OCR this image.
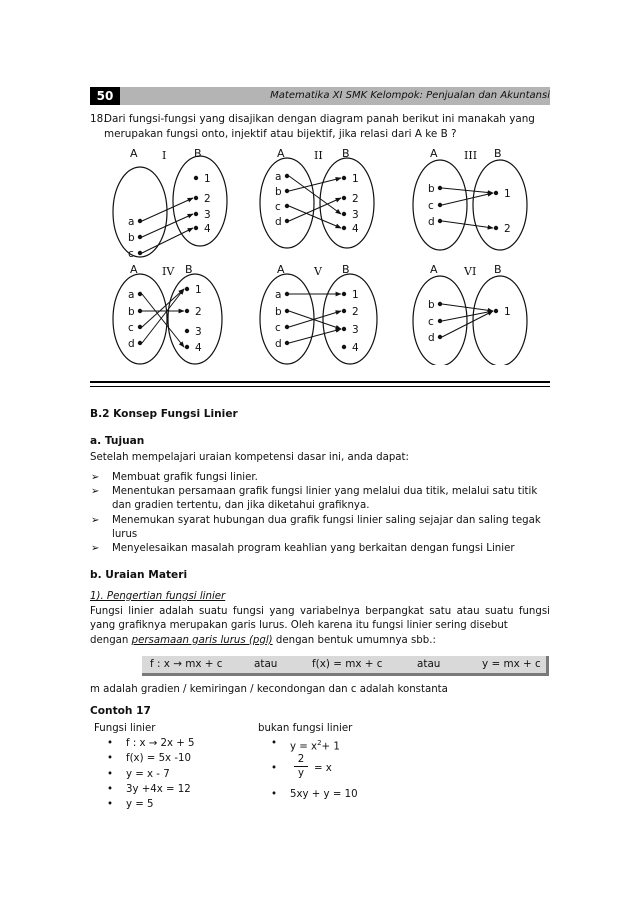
50	Matematika XI SMK Kelompok: Penjualan dan Akuntansi
18.
Dari fungsi-fungsi yang disajikan dengan diagram panah berikut ini manakah yang merupakan fungsi onto, injektif atau bijektif, jika relasi dari A ke B ?
A	B
I
a
b
c
1
2
3
4
A	B
II
a
b
c
d
1
2
3
4
A	B
III
b
c
d
1
2
A	B
IV
a
b
c
d
1
2
3
4
A	B
V
a
b
c
d
1
2
3
4
A	B
VI
b
c
d
1
B.2 Konsep Fungsi Linier
a. Tujuan
Setelah mempelajari uraian kompetensi dasar ini, anda dapat:
➢ Membuat grafik fungsi linier.
➢ Menentukan persamaan grafik fungsi linier yang melalui dua titik, melalui satu titik dan gradien tertentu, dan jika diketahui grafiknya.
➢ Menemukan syarat hubungan dua grafik fungsi linier saling sejajar dan saling tegak lurus
➢ Menyelesaikan masalah program keahlian yang berkaitan dengan fungsi Linier
b. Uraian Materi
1). Pengertian fungsi linier
Fungsi linier adalah suatu fungsi yang variabelnya berpangkat satu atau suatu fungsi yang grafiknya merupakan garis lurus. Oleh karena itu fungsi linier sering disebut
dengan persamaan garis lurus (pgl) dengan bentuk umumnya sbb.:
f : x → mx + c	atau	f(x) = mx + c	atau	y = mx + c
m adalah gradien / kemiringan / kecondongan dan c adalah konstanta
Contoh 17
Fungsi linier
• f : x → 2x + 5
• f(x) = 5x -10
• y = x - 7
• 3y +4x = 12
• y = 5
bukan fungsi linier
• $y = x^2+ 1$
• $\frac{2}{y} = x$
• 5xy + y = 10
